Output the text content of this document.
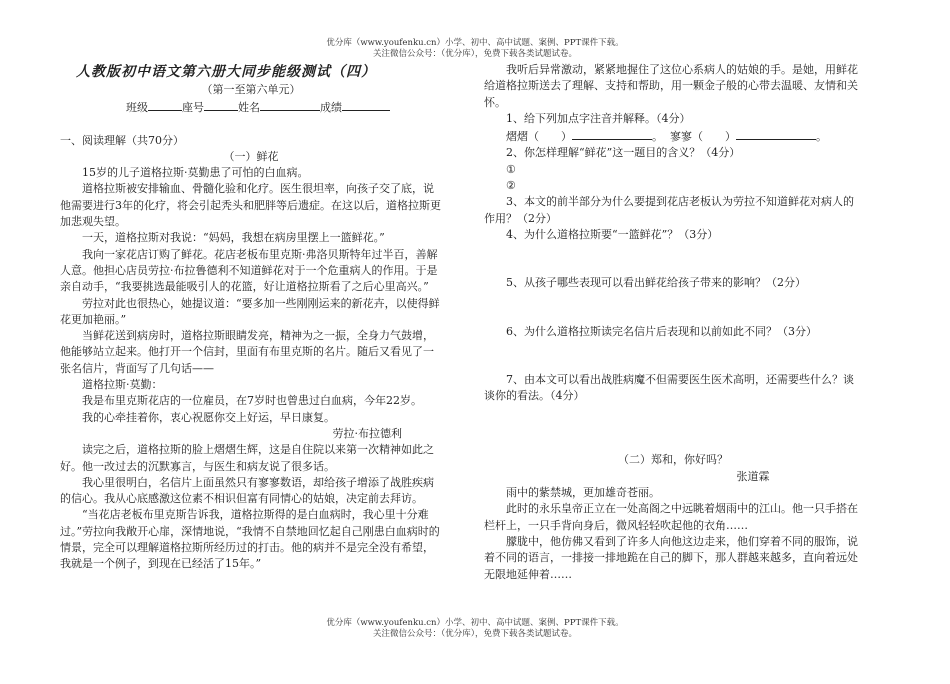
优分库（www.youfenku.cn）小学、初中、高中试题、案例、PPT课件下载。
关注微信公众号：（优分库），免费下载各类试题试卷。
人教版初中语文第六册大同步能级测试（四）

（第一至第六单元）

班级	座号	姓名	成绩

一、阅读理解（共70分）

（一）鲜花

15岁的儿子道格拉斯·莫勤患了可怕的白血病。

道格拉斯被安排输血、骨髓化验和化疗。医生很坦率，向孩子交了底，说他需要进行3年的化疗，将会引起秃头和肥胖等后遗症。在这以后，道格拉斯更加悲观失望。

一天，道格拉斯对我说：“妈妈，我想在病房里摆上一篮鲜花。”

我向一家花店订购了鲜花。花店老板布里克斯·弗洛贝斯特年过半百，善解人意。他担心店员劳拉·布拉鲁德利不知道鲜花对于一个危重病人的作用。于是亲自动手，“我要挑选最能吸引人的花篮，好让道格拉斯看了之后心里高兴。”

劳拉对此也很热心，她提议道：“要多加一些刚刚运来的新花卉，以使得鲜花更加艳丽。”

当鲜花送到病房时，道格拉斯眼睛发亮，精神为之一振，全身力气鼓增，他能够站立起来。他打开一个信封，里面有布里克斯的名片。随后又看见了一张名信片，背面写了几句话——

道格拉斯·莫勤：

我是布里克斯花店的一位雇员，在7岁时也曾患过白血病，今年22岁。

我的心牵挂着你，衷心祝愿你交上好运，早日康复。

劳拉·布拉德利

读完之后，道格拉斯的脸上熠熠生辉，这是自住院以来第一次精神如此之好。他一改过去的沉默寡言，与医生和病友说了很多话。

我心里很明白，名信片上面虽然只有寥寥数语，却给孩子增添了战胜疾病的信心。我从心底感激这位素不相识但富有同情心的姑娘，决定前去拜访。

“当花店老板布里克斯告诉我，道格拉斯得的是白血病时，我心里十分难过。”劳拉向我敞开心扉，深情地说，“我情不自禁地回忆起自己刚患白血病时的情景，完全可以理解道格拉斯所经历过的打击。他的病并不是完全没有希望，我就是一个例子，到现在已经活了15年。”

我听后异常激动，紧紧地握住了这位心系病人的姑娘的手。是她，用鲜花给道格拉斯送去了理解、支持和帮助，用一颗金子般的心带去温暖、友情和关怀。

1、给下列加点字注音并解释。（4分）

熠熠（　　）	。  寥寥（　　）	。

2、你怎样理解“鲜花”这一题目的含义？（4分）

①

②

3、本文的前半部分为什么要提到花店老板认为劳拉不知道鲜花对病人的作用？（2分）

4、为什么道格拉斯要“一篮鲜花”？（3分）

5、从孩子哪些表现可以看出鲜花给孩子带来的影响？（2分）

6、为什么道格拉斯读完名信片后表现和以前如此不同？（3分）

7、由本文可以看出战胜病魔不但需要医生医术高明，还需要些什么？谈谈你的看法。（4分）

（二）郑和，你好吗？

张道霖

雨中的紫禁城，更加雄奇苍丽。

此时的永乐皇帝正立在一处高阁之中远眺着烟雨中的江山。他一只手搭在栏杆上，一只手背向身后，微风轻轻吹起他的衣角……

朦胧中，他仿佛又看到了许多人向他这边走来，他们穿着不同的服饰，说着不同的语言，一排接一排地跪在自己的脚下，那人群越来越多，直向着远处无限地延伸着……

优分库（www.youfenku.cn）小学、初中、高中试题、案例、PPT课件下载。
关注微信公众号：（优分库），免费下载各类试题试卷。
